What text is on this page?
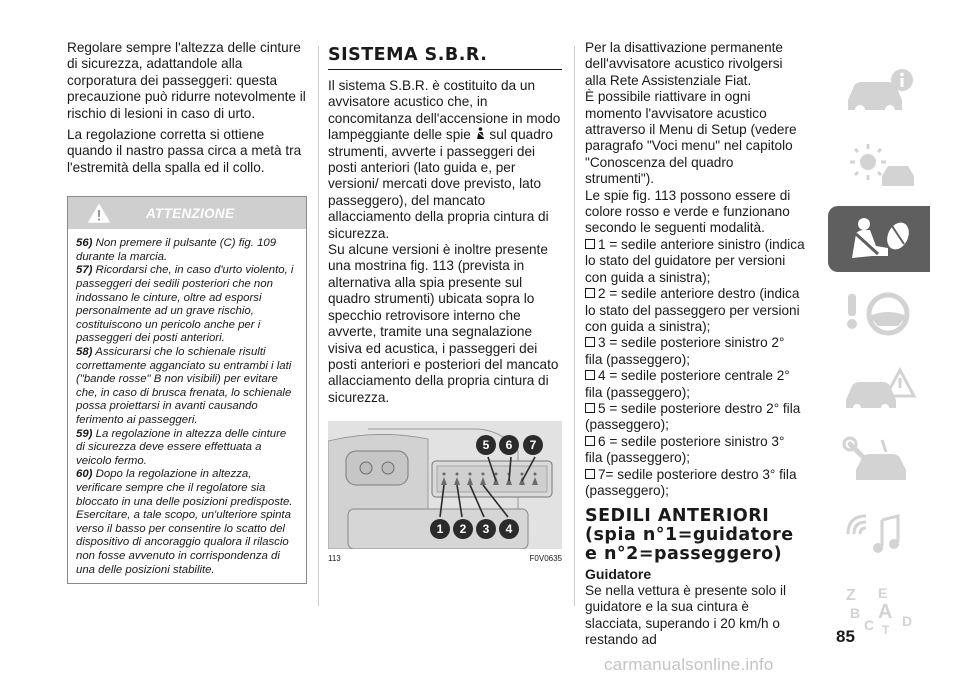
Regolare sempre l'altezza delle cinture di sicurezza, adattandole alla corporatura dei passeggeri: questa precauzione può ridurre notevolmente il rischio di lesioni in caso di urto.

La regolazione corretta si ottiene quando il nastro passa circa a metà tra l'estremità della spalla ed il collo.

ATTENZIONE

56) Non premere il pulsante (C) fig. 109 durante la marcia.

57) Ricordarsi che, in caso d'urto violento, i passeggeri dei sedili posteriori che non indossano le cinture, oltre ad esporsi personalmente ad un grave rischio, costituiscono un pericolo anche per i passeggeri dei posti anteriori.

58) Assicurarsi che lo schienale risulti correttamente agganciato su entrambi i lati ("bande rosse" B non visibili) per evitare che, in caso di brusca frenata, lo schienale possa proiettarsi in avanti causando ferimento ai passeggeri.

59) La regolazione in altezza delle cinture di sicurezza deve essere effettuata a veicolo fermo.

60) Dopo la regolazione in altezza, verificare sempre che il regolatore sia bloccato in una delle posizioni predisposte. Esercitare, a tale scopo, un'ulteriore spinta verso il basso per consentire lo scatto del dispositivo di ancoraggio qualora il rilascio non fosse avvenuto in corrispondenza di una delle posizioni stabilite.

SISTEMA S.B.R.

Il sistema S.B.R. è costituito da un avvisatore acustico che, in concomitanza dell'accensione in modo lampeggiante delle spie sul quadro strumenti, avverte i passeggeri dei posti anteriori (lato guida e, per versioni/ mercati dove previsto, lato passeggero), del mancato allacciamento della propria cintura di sicurezza.

Su alcune versioni è inoltre presente una mostrina fig. 113 (prevista in alternativa alla spia presente sul quadro strumenti) ubicata sopra lo specchio retrovisore interno che avverte, tramite una segnalazione visiva ed acustica, i passeggeri dei posti anteriori e posteriori del mancato allacciamento della propria cintura di sicurezza.

5 6 7
1 2 3 4
113	F0V0635

Per la disattivazione permanente dell'avvisatore acustico rivolgersi alla Rete Assistenziale Fiat.

È possibile riattivare in ogni momento l'avvisatore acustico attraverso il Menu di Setup (vedere paragrafo "Voci menu" nel capitolo "Conoscenza del quadro strumenti").

Le spie fig. 113 possono essere di colore rosso e verde e funzionano secondo le seguenti modalità.

1 = sedile anteriore sinistro (indica lo stato del guidatore per versioni con guida a sinistra);

2 = sedile anteriore destro (indica lo stato del passeggero per versioni con guida a sinistra);

3 = sedile posteriore sinistro 2° fila (passeggero);

4 = sedile posteriore centrale 2° fila (passeggero);

5 = sedile posteriore destro 2° fila (passeggero);

6 = sedile posteriore sinistro 3° fila (passeggero);

7= sedile posteriore destro 3° fila (passeggero);

SEDILI ANTERIORI (spia n°1=guidatore e n°2=passeggero)
Guidatore

Se nella vettura è presente solo il guidatore e la sua cintura è slacciata, superando i 20 km/h o restando ad

Z E
B A D
C T
85
carmanualsonline.info
